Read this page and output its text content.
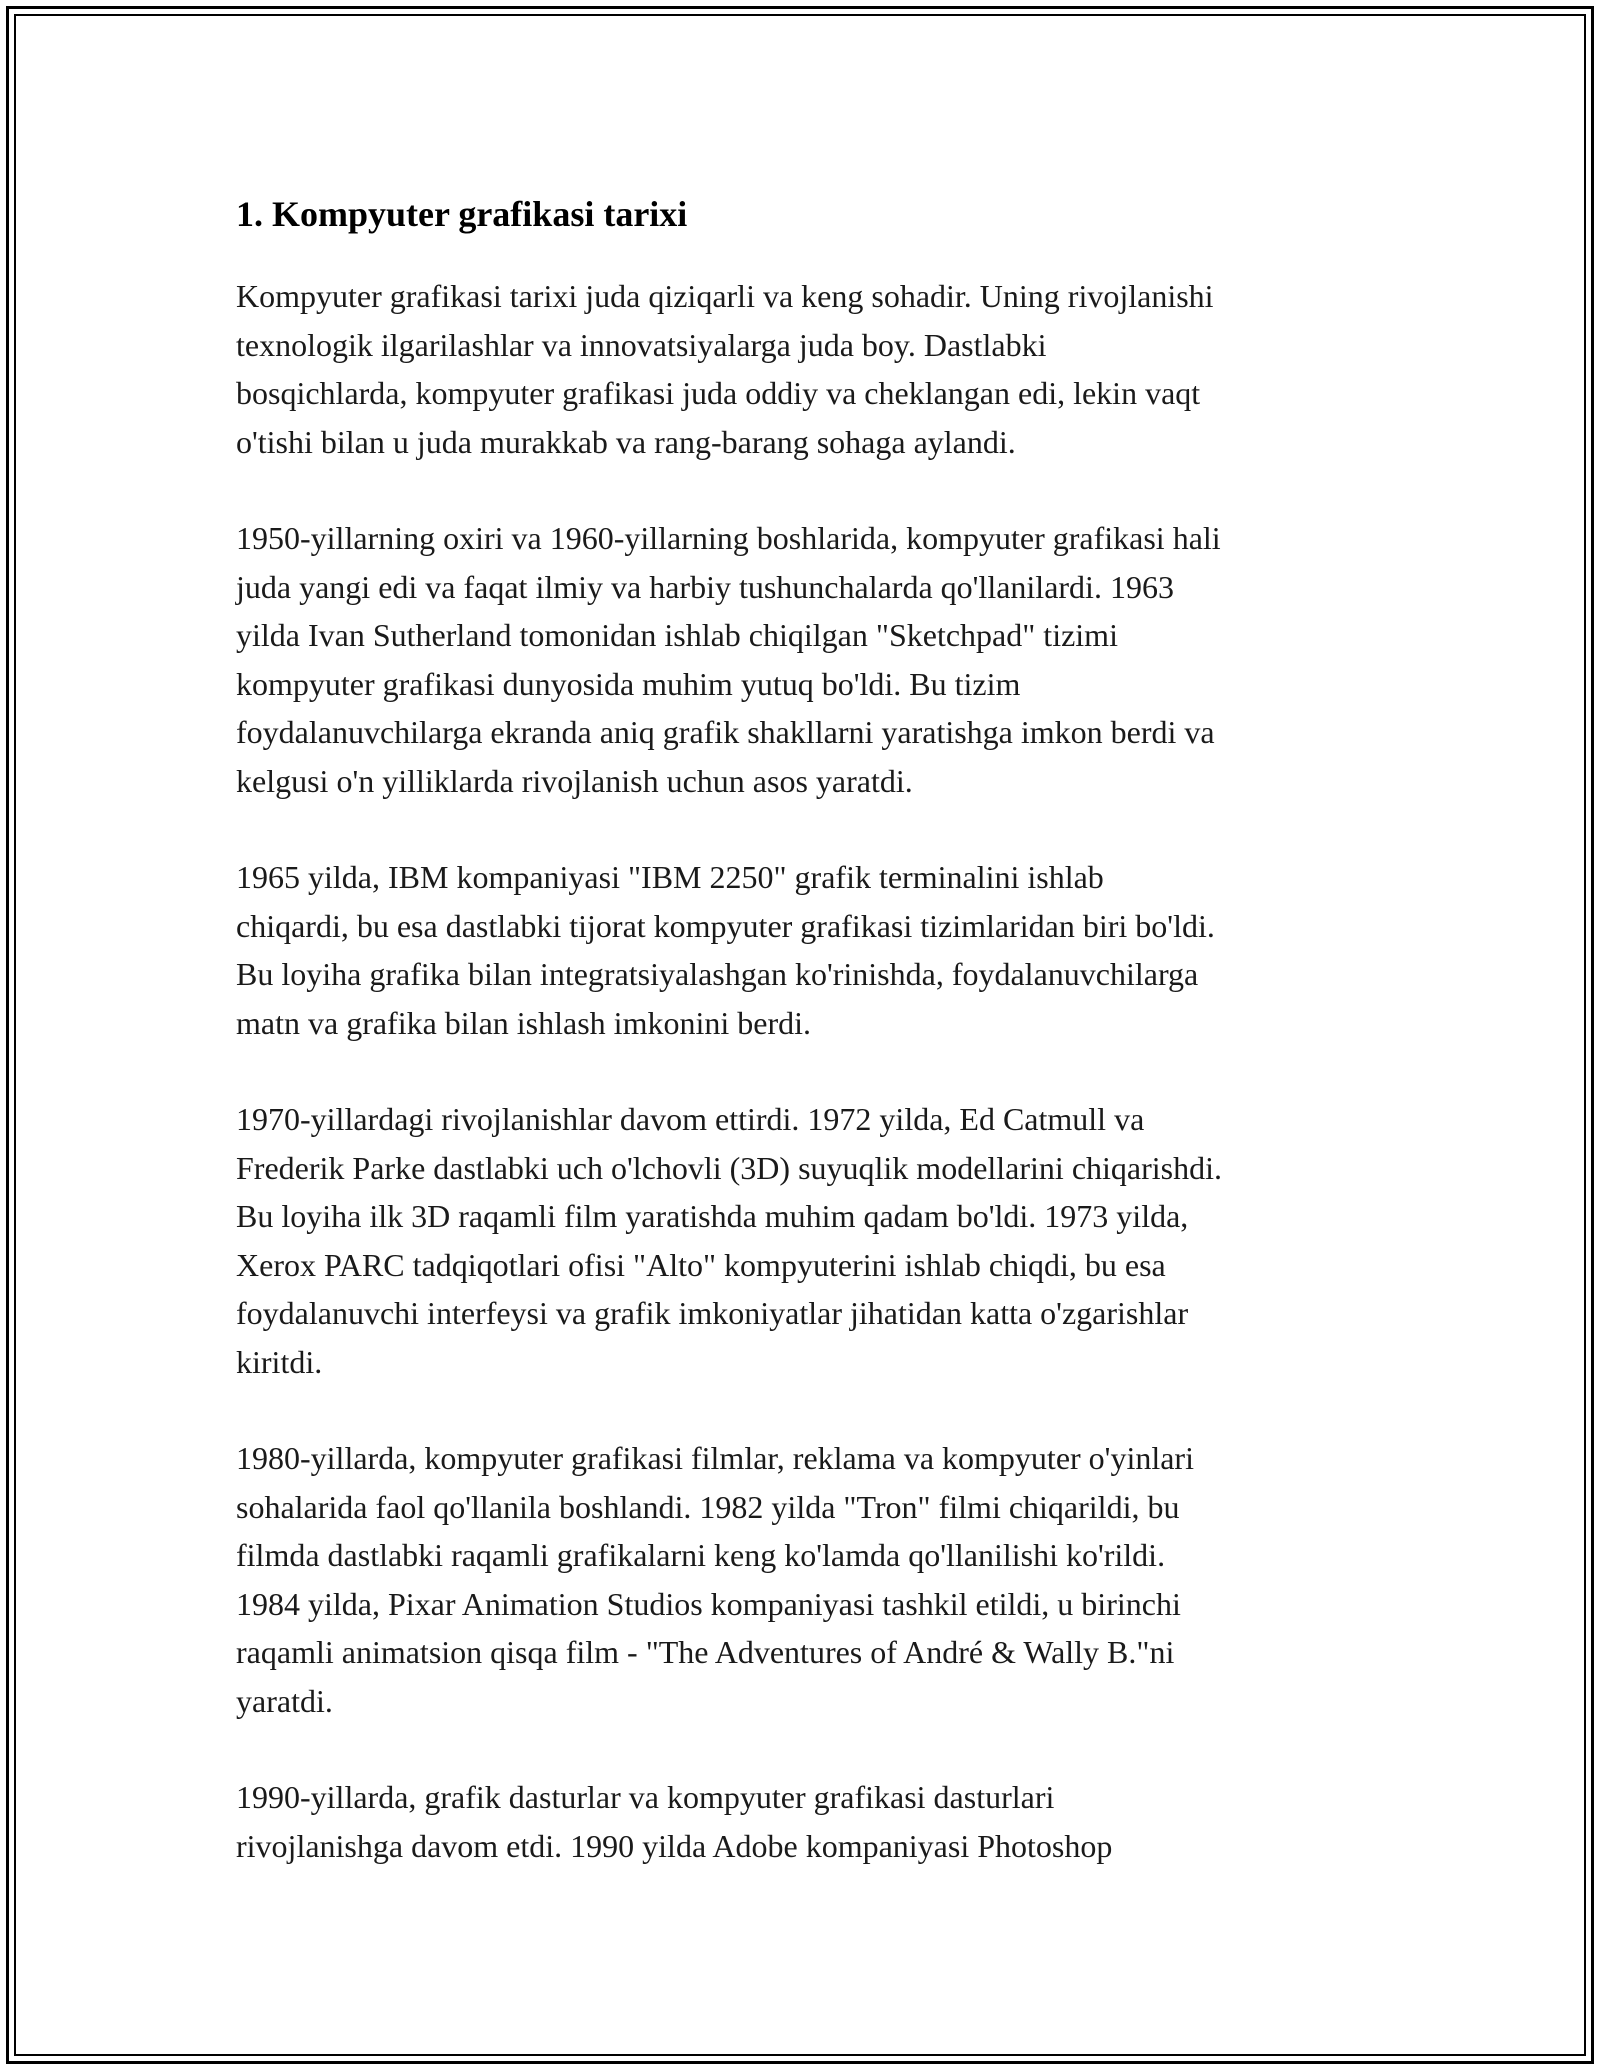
1. Kompyuter grafikasi tarixi

Kompyuter grafikasi tarixi juda qiziqarli va keng sohadir. Uning rivojlanishi
texnologik ilgarilashlar va innovatsiyalarga juda boy. Dastlabki
bosqichlarda, kompyuter grafikasi juda oddiy va cheklangan edi, lekin vaqt
o'tishi bilan u juda murakkab va rang-barang sohaga aylandi.

1950-yillarning oxiri va 1960-yillarning boshlarida, kompyuter grafikasi hali
juda yangi edi va faqat ilmiy va harbiy tushunchalarda qo'llanilardi. 1963
yilda Ivan Sutherland tomonidan ishlab chiqilgan "Sketchpad" tizimi
kompyuter grafikasi dunyosida muhim yutuq bo'ldi. Bu tizim
foydalanuvchilarga ekranda aniq grafik shakllarni yaratishga imkon berdi va
kelgusi o'n yilliklarda rivojlanish uchun asos yaratdi.

1965 yilda, IBM kompaniyasi "IBM 2250" grafik terminalini ishlab
chiqardi, bu esa dastlabki tijorat kompyuter grafikasi tizimlaridan biri bo'ldi.
Bu loyiha grafika bilan integratsiyalashgan ko'rinishda, foydalanuvchilarga
matn va grafika bilan ishlash imkonini berdi.

1970-yillardagi rivojlanishlar davom ettirdi. 1972 yilda, Ed Catmull va
Frederik Parke dastlabki uch o'lchovli (3D) suyuqlik modellarini chiqarishdi.
Bu loyiha ilk 3D raqamli film yaratishda muhim qadam bo'ldi. 1973 yilda,
Xerox PARC tadqiqotlari ofisi "Alto" kompyuterini ishlab chiqdi, bu esa
foydalanuvchi interfeysi va grafik imkoniyatlar jihatidan katta o'zgarishlar
kiritdi.

1980-yillarda, kompyuter grafikasi filmlar, reklama va kompyuter o'yinlari
sohalarida faol qo'llanila boshlandi. 1982 yilda "Tron" filmi chiqarildi, bu
filmda dastlabki raqamli grafikalarni keng ko'lamda qo'llanilishi ko'rildi.
1984 yilda, Pixar Animation Studios kompaniyasi tashkil etildi, u birinchi
raqamli animatsion qisqa film - "The Adventures of André & Wally B."ni
yaratdi.

1990-yillarda, grafik dasturlar va kompyuter grafikasi dasturlari
rivojlanishga davom etdi. 1990 yilda Adobe kompaniyasi Photoshop
